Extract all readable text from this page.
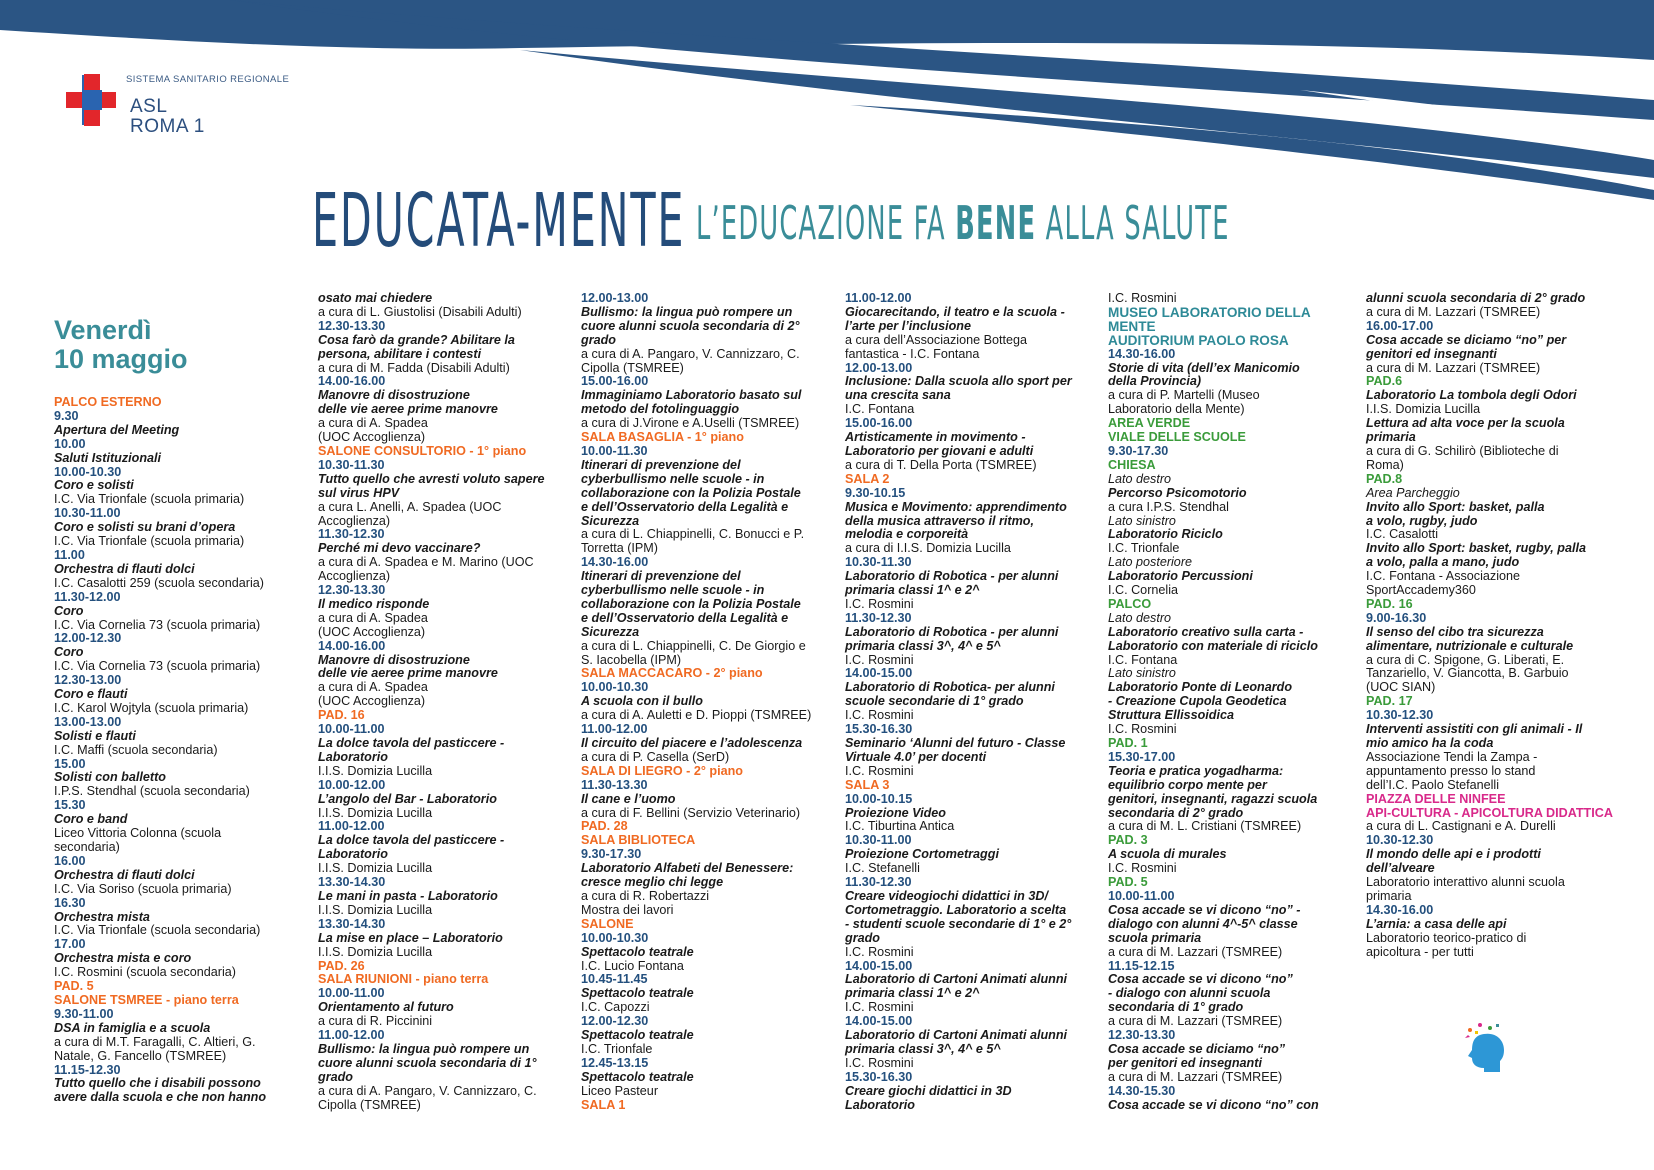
SISTEMA SANITARIO REGIONALE
ASL
ROMA 1
EDUCATA-MENTE L’EDUCAZIONE FA BENE ALLA SALUTE
Venerdì
10 maggio
PALCO ESTERNO
9.30
Apertura del Meeting
10.00
Saluti Istituzionali
10.00-10.30
Coro e solisti
I.C. Via Trionfale (scuola primaria)
10.30-11.00
Coro e solisti su brani d’opera
I.C. Via Trionfale (scuola primaria)
11.00
Orchestra di flauti dolci
I.C. Casalotti 259 (scuola secondaria)
11.30-12.00
Coro
I.C. Via Cornelia 73 (scuola primaria)
12.00-12.30
Coro
I.C. Via Cornelia 73 (scuola primaria)
12.30-13.00
Coro e flauti
I.C. Karol Wojtyla (scuola primaria)
13.00-13.00
Solisti e flauti
I.C. Maffi (scuola secondaria)
15.00
Solisti con balletto
I.P.S. Stendhal (scuola secondaria)
15.30
Coro e band
Liceo Vittoria Colonna (scuola
secondaria)
16.00
Orchestra di flauti dolci
I.C. Via Soriso (scuola primaria)
16.30
Orchestra mista
I.C. Via Trionfale (scuola secondaria)
17.00
Orchestra mista e coro
I.C. Rosmini (scuola secondaria)
PAD. 5
SALONE TSMREE - piano terra
9.30-11.00
DSA in famiglia e a scuola
a cura di M.T. Faragalli, C. Altieri, G.
Natale, G. Fancello (TSMREE)
11.15-12.30
Tutto quello che i disabili possono
avere dalla scuola e che non hanno
osato mai chiedere
a cura di L. Giustolisi (Disabili Adulti)
12.30-13.30
Cosa farò da grande? Abilitare la
persona, abilitare i contesti
a cura di M. Fadda (Disabili Adulti)
14.00-16.00
Manovre di disostruzione
delle vie aeree prime manovre
a cura di A. Spadea
(UOC Accoglienza)
SALONE CONSULTORIO - 1° piano
10.30-11.30
Tutto quello che avresti voluto sapere
sul virus HPV
a cura L. Anelli, A. Spadea (UOC
Accoglienza)
11.30-12.30
Perché mi devo vaccinare?
a cura di A. Spadea e M. Marino (UOC
Accoglienza)
12.30-13.30
Il medico risponde
a cura di A. Spadea
(UOC Accoglienza)
14.00-16.00
Manovre di disostruzione
delle vie aeree prime manovre
a cura di A. Spadea
(UOC Accoglienza)
PAD. 16
10.00-11.00
La dolce tavola del pasticcere -
Laboratorio
I.I.S. Domizia Lucilla
10.00-12.00
L’angolo del Bar - Laboratorio
I.I.S. Domizia Lucilla
11.00-12.00
La dolce tavola del pasticcere -
Laboratorio
I.I.S. Domizia Lucilla
13.30-14.30
Le mani in pasta - Laboratorio
I.I.S. Domizia Lucilla
13.30-14.30
La mise en place – Laboratorio
I.I.S. Domizia Lucilla
PAD. 26
SALA RIUNIONI - piano terra
10.00-11.00
Orientamento al futuro
a cura di R. Piccinini
11.00-12.00
Bullismo: la lingua può rompere un
cuore alunni scuola secondaria di 1°
grado
a cura di A. Pangaro, V. Cannizzaro, C.
Cipolla (TSMREE)
12.00-13.00
Bullismo: la lingua può rompere un
cuore alunni scuola secondaria di 2°
grado
a cura di A. Pangaro, V. Cannizzaro, C.
Cipolla (TSMREE)
15.00-16.00
Immaginiamo Laboratorio basato sul
metodo del fotolinguaggio
a cura di J.Virone e A.Uselli (TSMREE)
SALA BASAGLIA - 1° piano
10.00-11.30
Itinerari di prevenzione del
cyberbullismo nelle scuole - in
collaborazione con la Polizia Postale
e dell’Osservatorio della Legalità e
Sicurezza
a cura di L. Chiappinelli, C. Bonucci e P.
Torretta (IPM)
14.30-16.00
Itinerari di prevenzione del
cyberbullismo nelle scuole - in
collaborazione con la Polizia Postale
e dell’Osservatorio della Legalità e
Sicurezza
a cura di L. Chiappinelli, C. De Giorgio e
S. Iacobella (IPM)
SALA MACCACARO - 2° piano
10.00-10.30
A scuola con il bullo
a cura di A. Auletti e D. Pioppi (TSMREE)
11.00-12.00
Il circuito del piacere e l’adolescenza
a cura di P. Casella (SerD)
SALA DI LIEGRO - 2° piano
11.30-13.30
Il cane e l’uomo
a cura di F. Bellini (Servizio Veterinario)
PAD. 28
SALA BIBLIOTECA
9.30-17.30
Laboratorio Alfabeti del Benessere:
cresce meglio chi legge
a cura di R. Robertazzi
Mostra dei lavori
SALONE
10.00-10.30
Spettacolo teatrale
I.C. Lucio Fontana
10.45-11.45
Spettacolo teatrale
I.C. Capozzi
12.00-12.30
Spettacolo teatrale
I.C. Trionfale
12.45-13.15
Spettacolo teatrale
Liceo Pasteur
SALA 1
11.00-12.00
Giocarecitando, il teatro e la scuola -
l’arte per l’inclusione
a cura dell’Associazione Bottega
fantastica - I.C. Fontana
12.00-13.00
Inclusione: Dalla scuola allo sport per
una crescita sana
I.C. Fontana
15.00-16.00
Artisticamente in movimento -
Laboratorio per giovani e adulti
a cura di T. Della Porta (TSMREE)
SALA 2
9.30-10.15
Musica e Movimento: apprendimento
della musica attraverso il ritmo,
melodia e corporeità
a cura di I.I.S. Domizia Lucilla
10.30-11.30
Laboratorio di Robotica - per alunni
primaria classi 1^ e 2^
I.C. Rosmini
11.30-12.30
Laboratorio di Robotica - per alunni
primaria classi 3^, 4^ e 5^
I.C. Rosmini
14.00-15.00
Laboratorio di Robotica- per alunni
scuole secondarie di 1° grado
I.C. Rosmini
15.30-16.30
Seminario ‘Alunni del futuro - Classe
Virtuale 4.0’ per docenti
I.C. Rosmini
SALA 3
10.00-10.15
Proiezione Video
I.C. Tiburtina Antica
10.30-11.00
Proiezione Cortometraggi
I.C. Stefanelli
11.30-12.30
Creare videogiochi didattici in 3D/
Cortometraggio. Laboratorio a scelta
- studenti scuole secondarie di 1° e 2°
grado
I.C. Rosmini
14.00-15.00
Laboratorio di Cartoni Animati alunni
primaria classi 1^ e 2^
I.C. Rosmini
14.00-15.00
Laboratorio di Cartoni Animati alunni
primaria classi 3^, 4^ e 5^
I.C. Rosmini
15.30-16.30
Creare giochi didattici in 3D
Laboratorio
I.C. Rosmini
MUSEO LABORATORIO DELLA
MENTE
AUDITORIUM PAOLO ROSA
14.30-16.00
Storie di vita (dell’ex Manicomio
della Provincia)
a cura di P. Martelli (Museo
Laboratorio della Mente)
AREA VERDE
VIALE DELLE SCUOLE
9.30-17.30
CHIESA
Lato destro
Percorso Psicomotorio
a cura I.P.S. Stendhal
Lato sinistro
Laboratorio Riciclo
I.C. Trionfale
Lato posteriore
Laboratorio Percussioni
I.C. Cornelia
PALCO
Lato destro
Laboratorio creativo sulla carta -
Laboratorio con materiale di riciclo
I.C. Fontana
Lato sinistro
Laboratorio Ponte di Leonardo
- Creazione Cupola Geodetica
Struttura Ellissoidica
I.C. Rosmini
PAD. 1
15.30-17.00
Teoria e pratica yogadharma:
equilibrio corpo mente per
genitori, insegnanti, ragazzi scuola
secondaria di 2° grado
a cura di M. L. Cristiani (TSMREE)
PAD. 3
A scuola di murales
I.C. Rosmini
PAD. 5
10.00-11.00
Cosa accade se vi dicono “no” -
dialogo con alunni 4^-5^ classe
scuola primaria
a cura di M. Lazzari (TSMREE)
11.15-12.15
Cosa accade se vi dicono “no”
- dialogo con alunni scuola
secondaria di 1° grado
a cura di M. Lazzari (TSMREE)
12.30-13.30
Cosa accade se diciamo “no”
per genitori ed insegnanti
a cura di M. Lazzari (TSMREE)
14.30-15.30
Cosa accade se vi dicono “no” con
alunni scuola secondaria di 2° grado
a cura di M. Lazzari (TSMREE)
16.00-17.00
Cosa accade se diciamo “no” per
genitori ed insegnanti
a cura di M. Lazzari (TSMREE)
PAD.6
Laboratorio La tombola degli Odori
I.I.S. Domizia Lucilla
Lettura ad alta voce per la scuola
primaria
a cura di G. Schilirò (Biblioteche di
Roma)
PAD.8
Area Parcheggio
Invito allo Sport: basket, palla
a volo, rugby, judo
I.C. Casalotti
Invito allo Sport: basket, rugby, palla
a volo, palla a mano, judo
I.C. Fontana - Associazione
SportAccademy360
PAD. 16
9.00-16.30
Il senso del cibo tra sicurezza
alimentare, nutrizionale e culturale
a cura di C. Spigone, G. Liberati, E.
Tanzariello, V. Giancotta, B. Garbuio
(UOC SIAN)
PAD. 17
10.30-12.30
Interventi assistiti con gli animali - Il
mio amico ha la coda
Associazione Tendi la Zampa -
appuntamento presso lo stand
dell’I.C. Paolo Stefanelli
PIAZZA DELLE NINFEE
API-CULTURA - APICOLTURA DIDATTICA
a cura di L. Castignani e A. Durelli
10.30-12.30
Il mondo delle api e i prodotti
dell’alveare
Laboratorio interattivo alunni scuola
primaria
14.30-16.00
L’arnia: a casa delle api
Laboratorio teorico-pratico di
apicoltura - per tutti
